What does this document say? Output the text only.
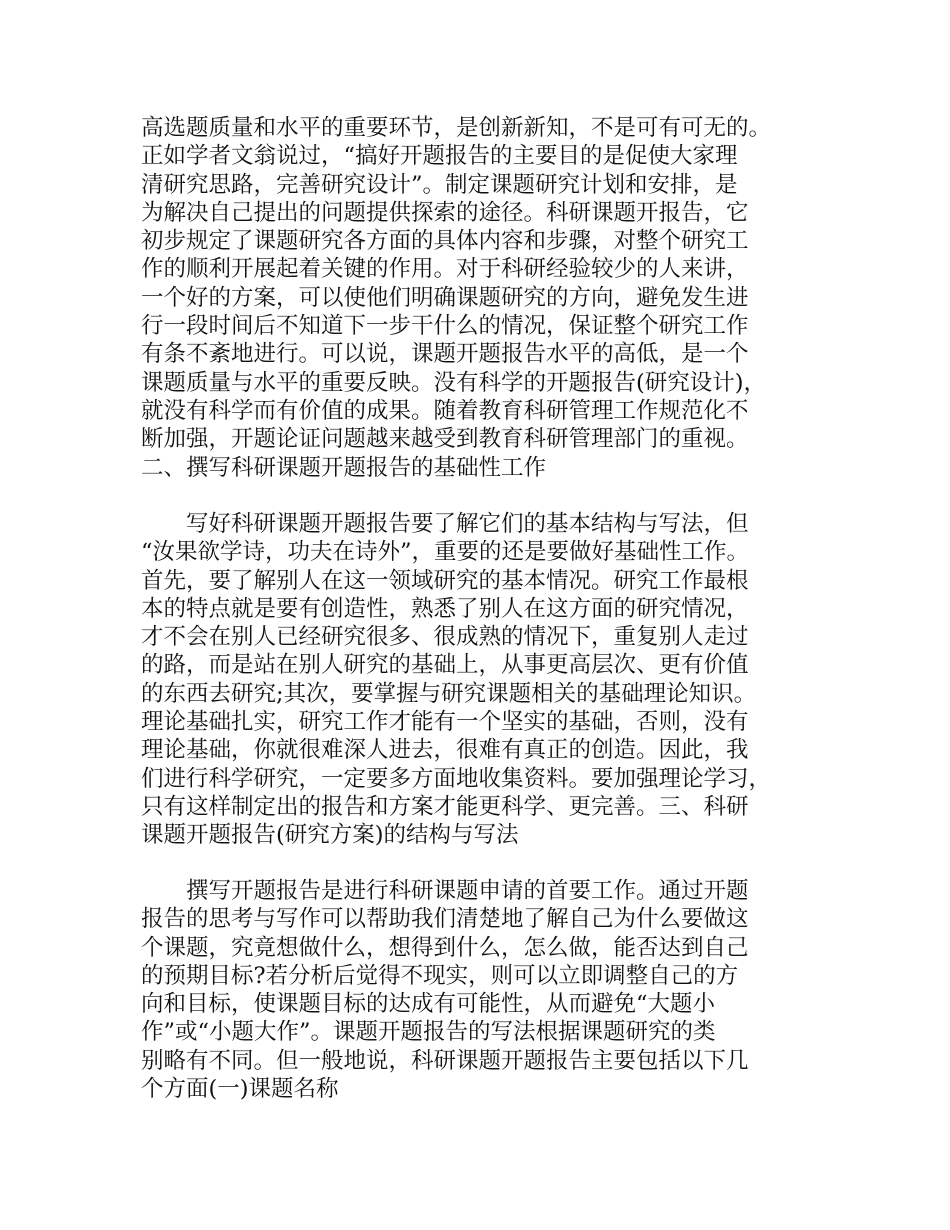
高选题质量和水平的重要环节，是创新新知，不是可有可无的。
正如学者文翁说过，“搞好开题报告的主要目的是促使大家理
清研究思路，完善研究设计”。制定课题研究计划和安排，是
为解决自己提出的问题提供探索的途径。科研课题开报告，它
初步规定了课题研究各方面的具体内容和步骤，对整个研究工
作的顺利开展起着关键的作用。对于科研经验较少的人来讲，
一个好的方案，可以使他们明确课题研究的方向，避免发生进
行一段时间后不知道下一步干什么的情况，保证整个研究工作
有条不紊地进行。可以说，课题开题报告水平的高低，是一个
课题质量与水平的重要反映。没有科学的开题报告(研究设计)，
就没有科学而有价值的成果。随着教育科研管理工作规范化不
断加强，开题论证问题越来越受到教育科研管理部门的重视。
二、撰写科研课题开题报告的基础性工作
　　写好科研课题开题报告要了解它们的基本结构与写法，但
“汝果欲学诗，功夫在诗外”，重要的还是要做好基础性工作。
首先，要了解别人在这一领域研究的基本情况。研究工作最根
本的特点就是要有创造性，熟悉了别人在这方面的研究情况，
才不会在别人已经研究很多、很成熟的情况下，重复别人走过
的路，而是站在别人研究的基础上，从事更高层次、更有价值
的东西去研究;其次，要掌握与研究课题相关的基础理论知识。
理论基础扎实，研究工作才能有一个坚实的基础，否则，没有
理论基础，你就很难深人进去，很难有真正的创造。因此，我
们进行科学研究，一定要多方面地收集资料。要加强理论学习，
只有这样制定出的报告和方案才能更科学、更完善。三、科研
课题开题报告(研究方案)的结构与写法
　　撰写开题报告是进行科研课题申请的首要工作。通过开题
报告的思考与写作可以帮助我们清楚地了解自己为什么要做这
个课题，究竟想做什么，想得到什么，怎么做，能否达到自己
的预期目标?若分析后觉得不现实，则可以立即调整自己的方
向和目标，使课题目标的达成有可能性，从而避免“大题小
作”或“小题大作”。课题开题报告的写法根据课题研究的类
别略有不同。但一般地说，科研课题开题报告主要包括以下几
个方面(一)课题名称
